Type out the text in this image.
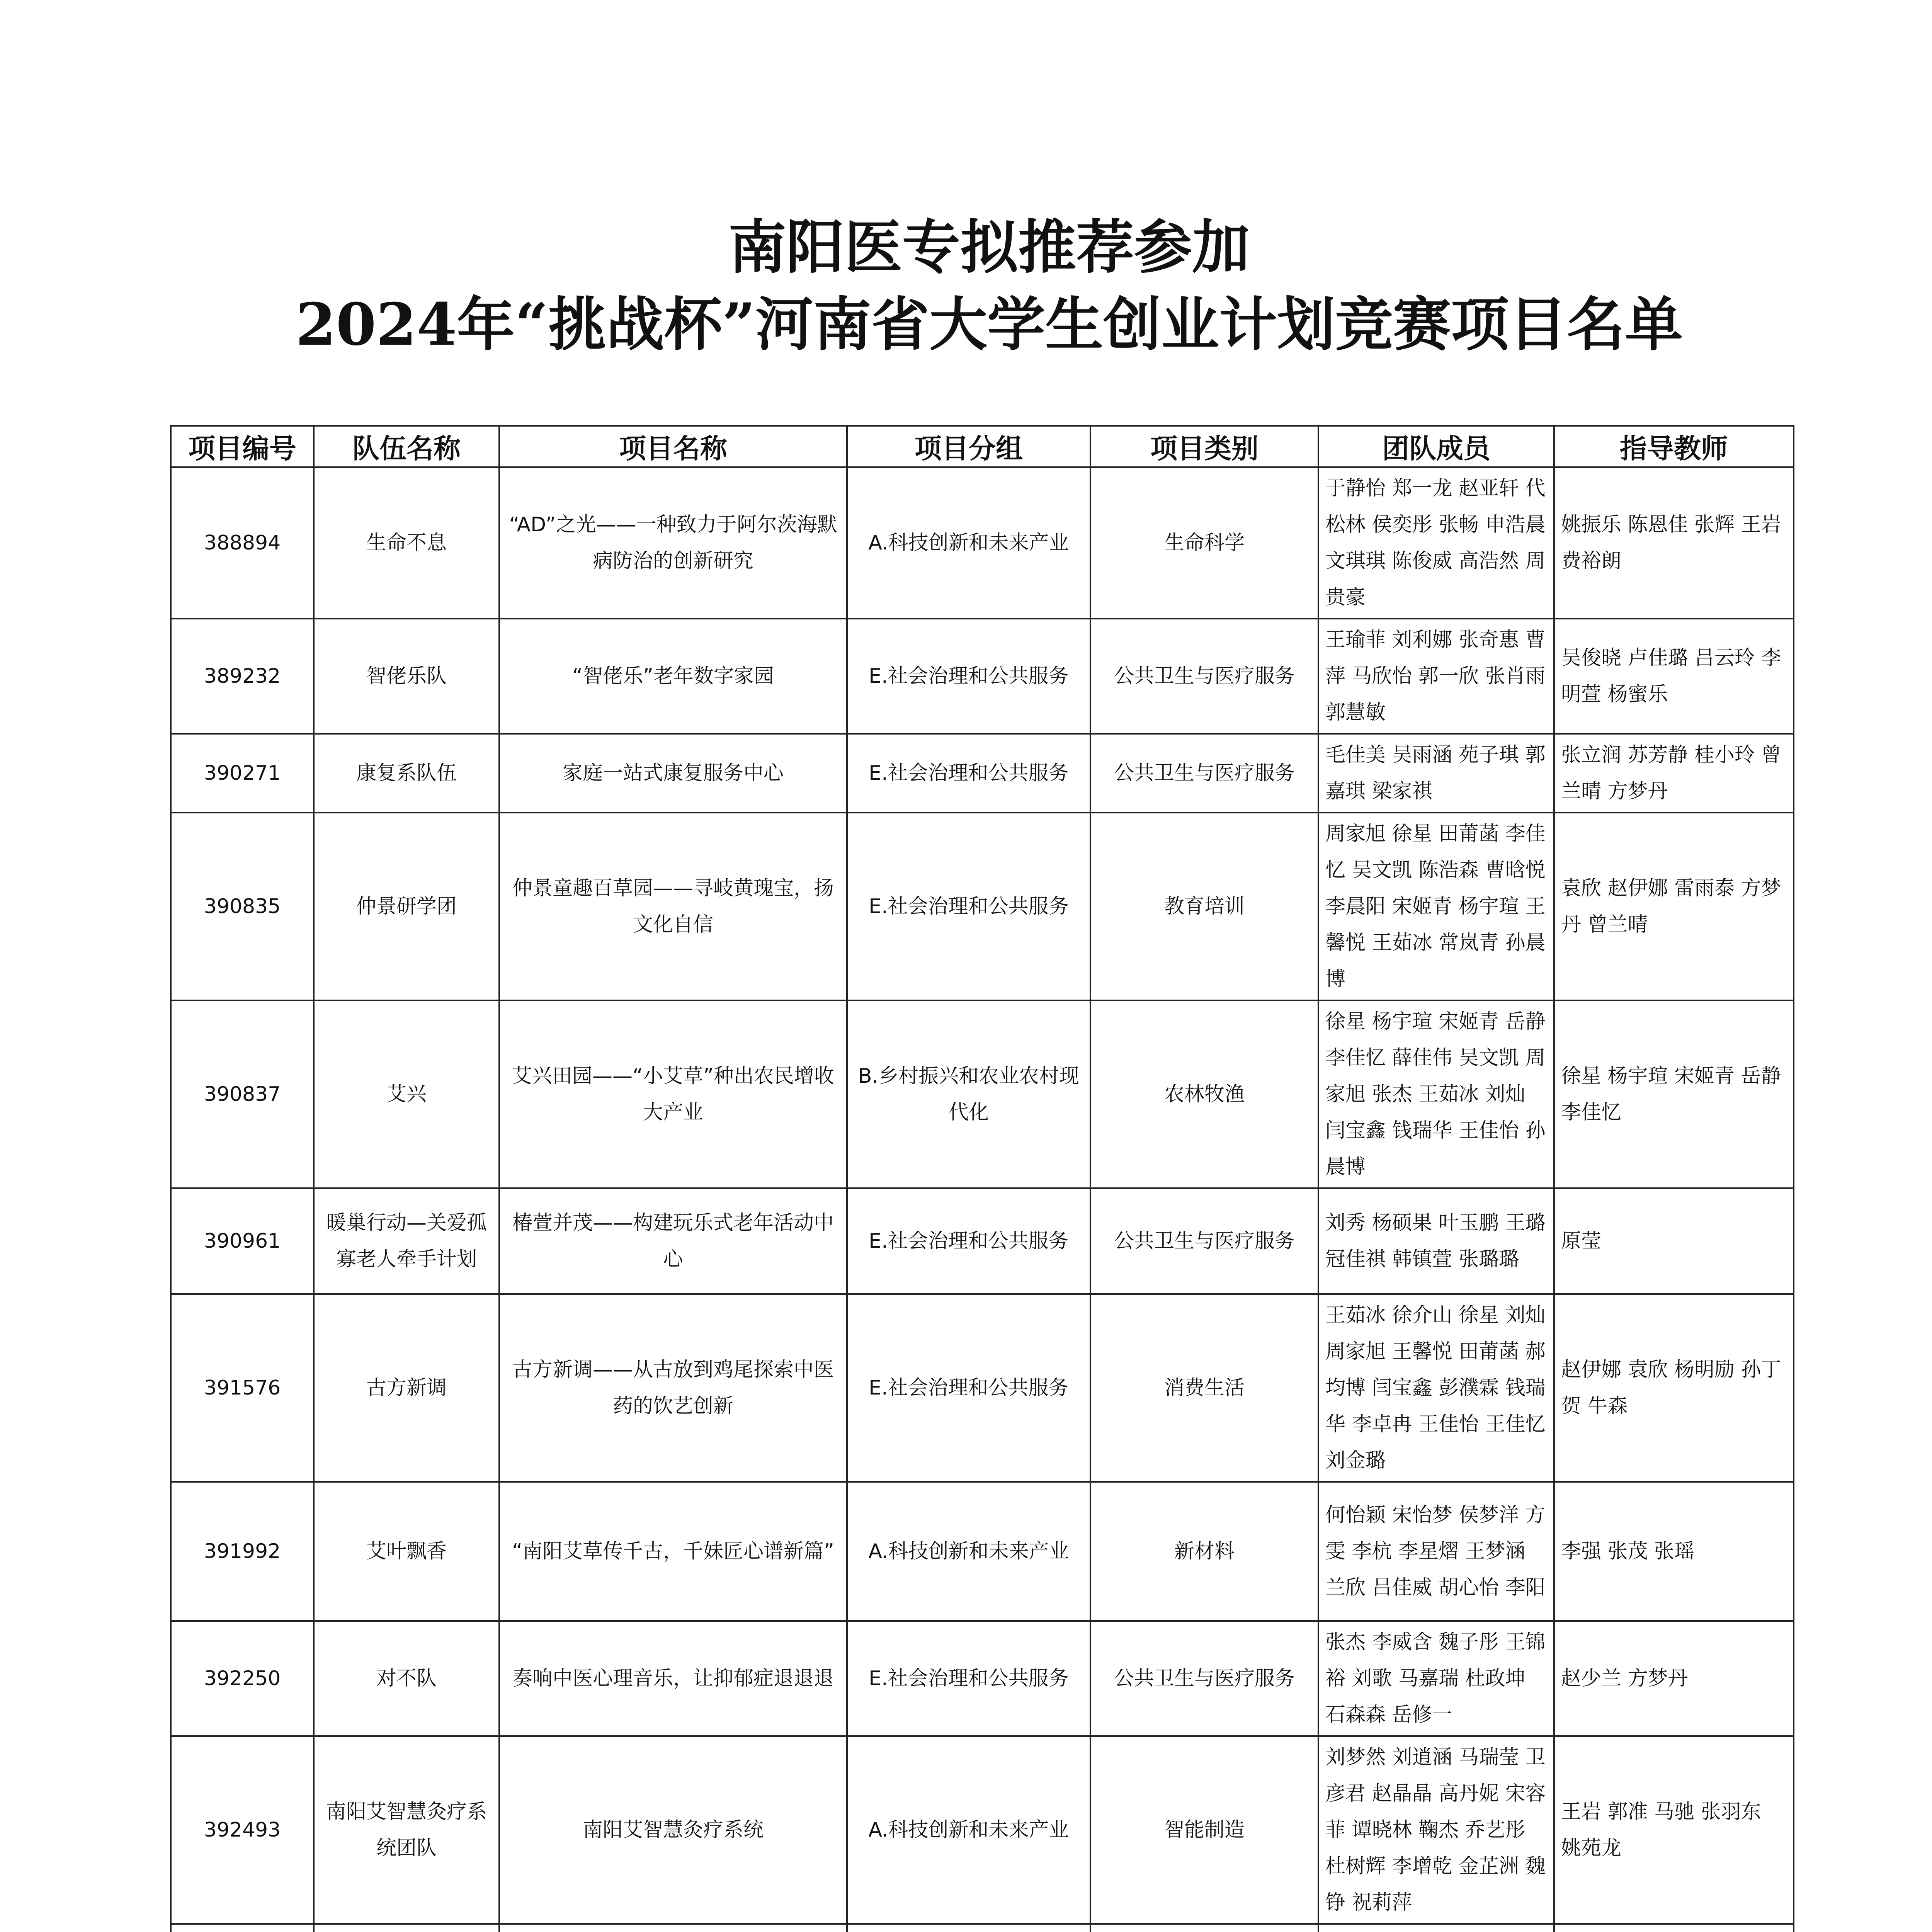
南阳医专拟推荐参加
2024年“挑战杯”河南省大学生创业计划竞赛项目名单
项目编号	队伍名称	项目名称	项目分组	项目类别	团队成员	指导教师
388894	生命不息	“AD”之光——一种致力于阿尔茨海默病防治的创新研究	A.科技创新和未来产业	生命科学	于静怡 郑一龙 赵亚轩 代松林 侯奕彤 张畅 申浩晨 文琪琪 陈俊威 高浩然 周贵豪	姚振乐 陈恩佳 张辉 王岩 费裕朗
389232	智佬乐队	“智佬乐”老年数字家园	E.社会治理和公共服务	公共卫生与医疗服务	王瑜菲 刘利娜 张奇惠 曹萍 马欣怡 郭一欣 张肖雨 郭慧敏	吴俊晓 卢佳璐 吕云玲 李明萱 杨蜜乐
390271	康复系队伍	家庭一站式康复服务中心	E.社会治理和公共服务	公共卫生与医疗服务	毛佳美 吴雨涵 苑子琪 郭嘉琪 梁家祺	张立润 苏芳静 桂小玲 曾兰晴 方梦丹
390835	仲景研学团	仲景童趣百草园——寻岐黄瑰宝，扬文化自信	E.社会治理和公共服务	教育培训	周家旭 徐星 田莆菡 李佳忆 吴文凯 陈浩森 曹晗悦 李晨阳 宋姬青 杨宇瑄 王馨悦 王茹冰 常岚青 孙晨博	袁欣 赵伊娜 雷雨泰 方梦丹 曾兰晴
390837	艾兴	艾兴田园——“小艾草”种出农民增收大产业	B.乡村振兴和农业农村现代化	农林牧渔	徐星 杨宇瑄 宋姬青 岳静 李佳忆 薛佳伟 吴文凯 周家旭 张杰 王茹冰 刘灿 闫宝鑫 钱瑞华 王佳怡 孙晨博	徐星 杨宇瑄 宋姬青 岳静 李佳忆
390961	暖巢行动—关爱孤寡老人牵手计划	椿萱并茂——构建玩乐式老年活动中心	E.社会治理和公共服务	公共卫生与医疗服务	刘秀 杨硕果 叶玉鹏 王璐 冠佳祺 韩镇萱 张璐璐	原莹
391576	古方新调	古方新调——从古放到鸡尾探索中医药的饮艺创新	E.社会治理和公共服务	消费生活	王茹冰 徐介山 徐星 刘灿 周家旭 王馨悦 田莆菡 郝均博 闫宝鑫 彭濮霖 钱瑞华 李卓冉 王佳怡 王佳忆 刘金璐	赵伊娜 袁欣 杨明励 孙丁贺 牛森
391992	艾叶飘香	“南阳艾草传千古，千妹匠心谱新篇”	A.科技创新和未来产业	新材料	何怡颖 宋怡梦 侯梦洋 方雯 李杭 李星熠 王梦涵 兰欣 吕佳威 胡心怡 李阳	李强 张茂 张瑶
392250	对不队	奏响中医心理音乐，让抑郁症退退退	E.社会治理和公共服务	公共卫生与医疗服务	张杰 李威含 魏子彤 王锦裕 刘歌 马嘉瑞 杜政坤 石森森 岳修一	赵少兰 方梦丹
392493	南阳艾智慧灸疗系统团队	南阳艾智慧灸疗系统	A.科技创新和未来产业	智能制造	刘梦然 刘逍涵 马瑞莹 卫彦君 赵晶晶 高丹妮 宋容菲 谭晓林 鞠杰 乔艺彤 杜树辉 李增乾 金芷洲 魏铮 祝莉萍	王岩 郭准 马驰 张羽东 姚苑龙
